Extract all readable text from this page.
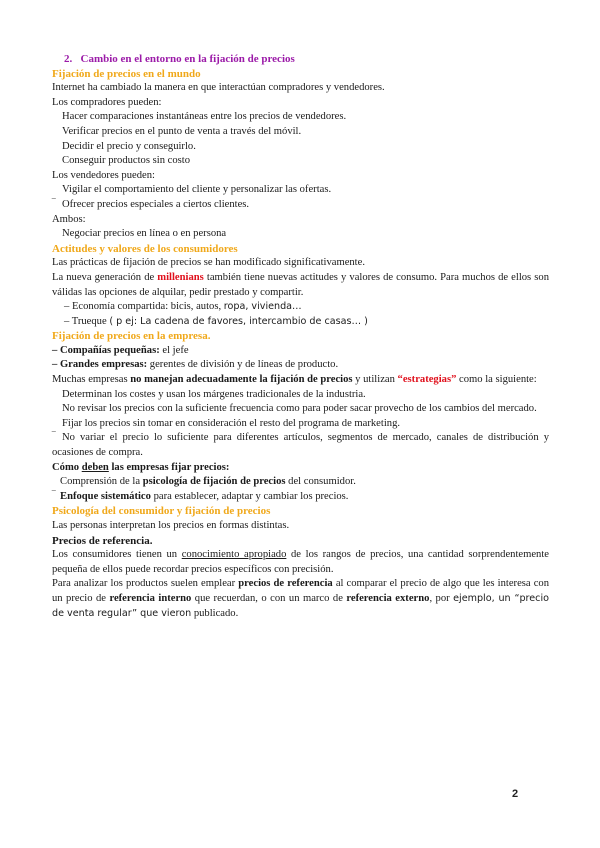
2. Cambio en el entorno en la fijación de precios
Fijación de precios en el mundo
Internet ha cambiado la manera en que interactúan compradores y vendedores.
Los compradores pueden:
Hacer comparaciones instantáneas entre los precios de vendedores.
Verificar precios en el punto de venta a través del móvil.
Decidir el precio y conseguirlo.
Conseguir productos sin costo
Los vendedores pueden:
Vigilar el comportamiento del cliente y personalizar las ofertas.
‾ Ofrecer precios especiales a ciertos clientes.
Ambos:
Negociar precios en línea o en persona
Actitudes y valores de los consumidores
Las prácticas de fijación de precios se han modificado significativamente.
La nueva generación de millenians también tiene nuevas actitudes y valores de consumo. Para muchos de ellos son válidas las opciones de alquilar, pedir prestado y compartir.
– Economía compartida: bicis, autos, ropa, vivienda…
– Trueque ( p ej: La cadena de favores, intercambio de casas… )
Fijación de precios en la empresa.
– Compañías pequeñas: el jefe
– Grandes empresas: gerentes de división y de líneas de producto.
Muchas empresas no manejan adecuadamente la fijación de precios y utilizan “estrategias” como la siguiente:
Determinan los costes y usan los márgenes tradicionales de la industria.
No revisar los precios con la suficiente frecuencia como para poder sacar provecho de los cambios del mercado.
Fijar los precios sin tomar en consideración el resto del programa de marketing.
‾ No variar el precio lo suficiente para diferentes artículos, segmentos de mercado, canales de distribución y ocasiones de compra.
Cómo deben las empresas fijar precios:
Comprensión de la psicología de fijación de precios del consumidor.
‾ Enfoque sistemático para establecer, adaptar y cambiar los precios.
Psicología del consumidor y fijación de precios
Las personas interpretan los precios en formas distintas.
Precios de referencia.
Los consumidores tienen un conocimiento apropiado de los rangos de precios, una cantidad sorprendentemente pequeña de ellos puede recordar precios específicos con precisión.
Para analizar los productos suelen emplear precios de referencia al comparar el precio de algo que les interesa con un precio de referencia interno que recuerdan, o con un marco de referencia externo, por ejemplo, un “precio de venta regular” que vieron publicado.
2
